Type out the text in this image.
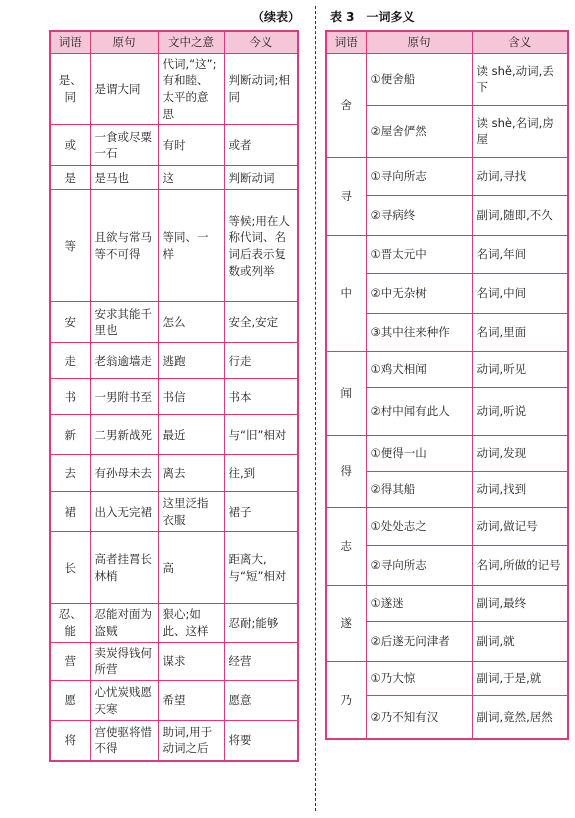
（续表） 表 3　一词多义
词语	原句	文中之意	今义
是、同	是谓大同	代词,“这”;有和睦、太平的意思	判断动词;相同
或	一食或尽粟一石	有时	或者
是	是马也	这	判断动词
等	且欲与常马等不可得	等同、一样	等候;用在人称代词、名词后表示复数或列举
安	安求其能千里也	怎么	安全,安定
走	老翁逾墙走	逃跑	行走
书	一男附书至	书信	书本
新	二男新战死	最近	与“旧”相对
去	有孙母未去	离去	往,到
裙	出入无完裙	这里泛指衣服	裙子
长	高者挂罥长林梢	高	距离大,与“短”相对
忍、能	忍能对面为盗贼	狠心;如此、这样	忍耐;能够
营	卖炭得钱何所营	谋求	经营
愿	心忧炭贱愿天寒	希望	愿意
将	宫使驱将惜不得	助词,用于动词之后	将要
词语	原句	含义
舍	①便舍船	读 shě,动词,丢下
	②屋舍俨然	读 shè,名词,房屋
寻	①寻向所志	动词,寻找
	②寻病终	副词,随即,不久
中	①晋太元中	名词,年间
	②中无杂树	名词,中间
	③其中往来种作	名词,里面
闻	①鸡犬相闻	动词,听见
	②村中闻有此人	动词,听说
得	①便得一山	动词,发现
	②得其船	动词,找到
志	①处处志之	动词,做记号
	②寻向所志	名词,所做的记号
遂	①遂迷	副词,最终
	②后遂无问津者	副词,就
乃	①乃大惊	副词,于是,就
	②乃不知有汉	副词,竟然,居然
